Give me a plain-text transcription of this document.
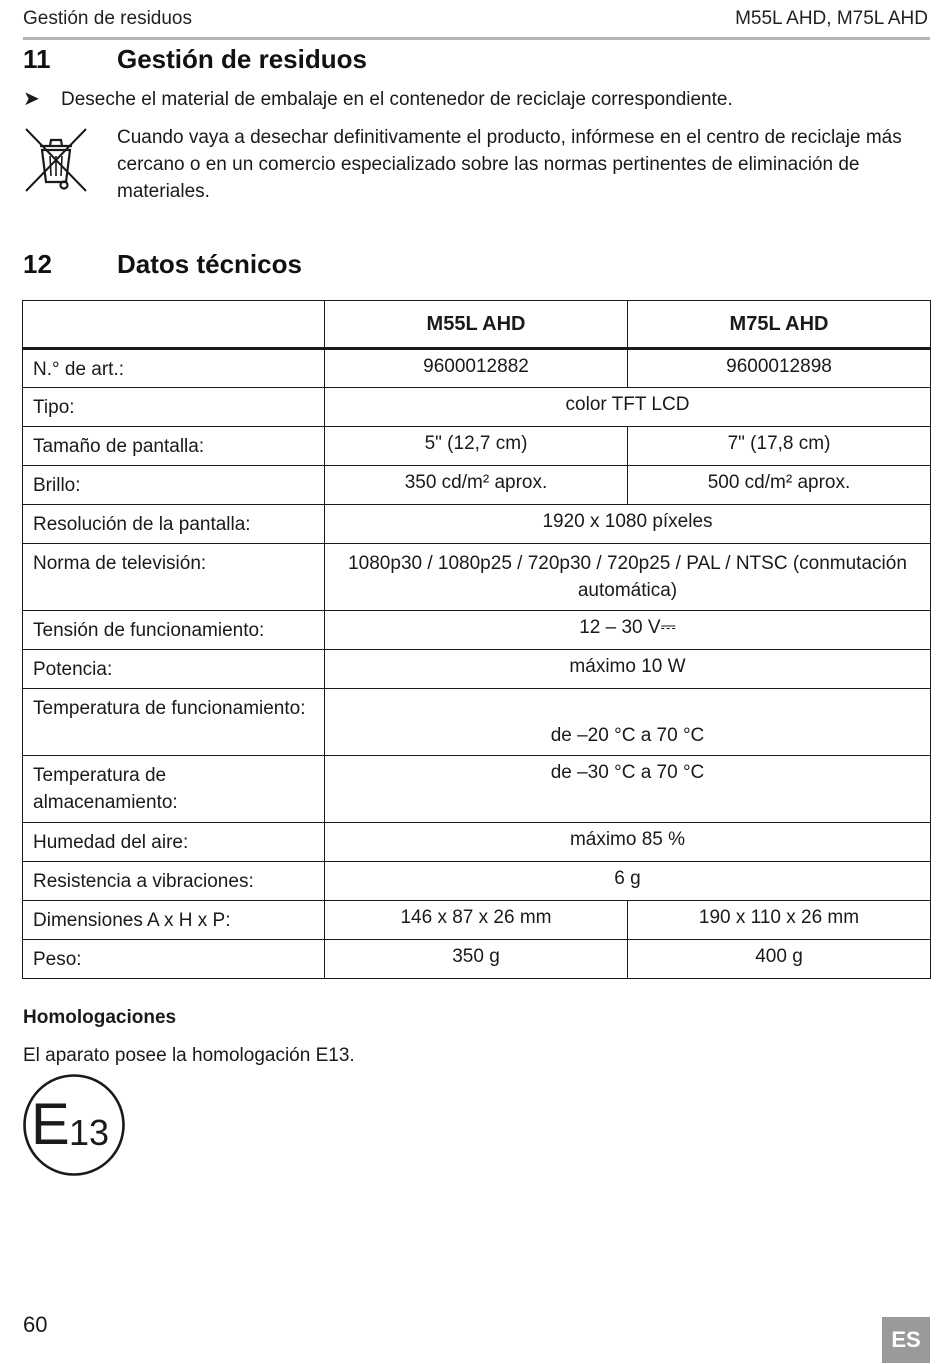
Gestión de residuos	M55L AHD, M75L AHD
11	Gestión de residuos
➤ Deseche el material de embalaje en el contenedor de reciclaje correspondiente.
Cuando vaya a desechar definitivamente el producto, infórmese en el centro de reciclaje más cercano o en un comercio especializado sobre las normas pertinentes de eliminación de materiales.
12	Datos técnicos
	M55L AHD	M75L AHD
N.° de art.:	9600012882	9600012898
Tipo:	color TFT LCD	
Tamaño de pantalla:	5" (12,7 cm)	7" (17,8 cm)
Brillo:	350 cd/m² aprox.	500 cd/m² aprox.
Resolución de la pantalla:	1920 x 1080 píxeles	
Norma de televisión:	1080p30 / 1080p25 / 720p30 / 720p25 / PAL / NTSC (conmutación automática)	
Tensión de funcionamiento:	12 – 30 V⎓	
Potencia:	máximo 10 W	
Temperatura de funcionamiento:	de –20 °C a 70 °C	
Temperatura de almacenamiento:	de –30 °C a 70 °C	
Humedad del aire:	máximo 85 %	
Resistencia a vibraciones:	6 g	
Dimensiones A x H x P:	146 x 87 x 26 mm	190 x 110 x 26 mm
Peso:	350 g	400 g
Homologaciones
El aparato posee la homologación E13.
E 13
60
ES
